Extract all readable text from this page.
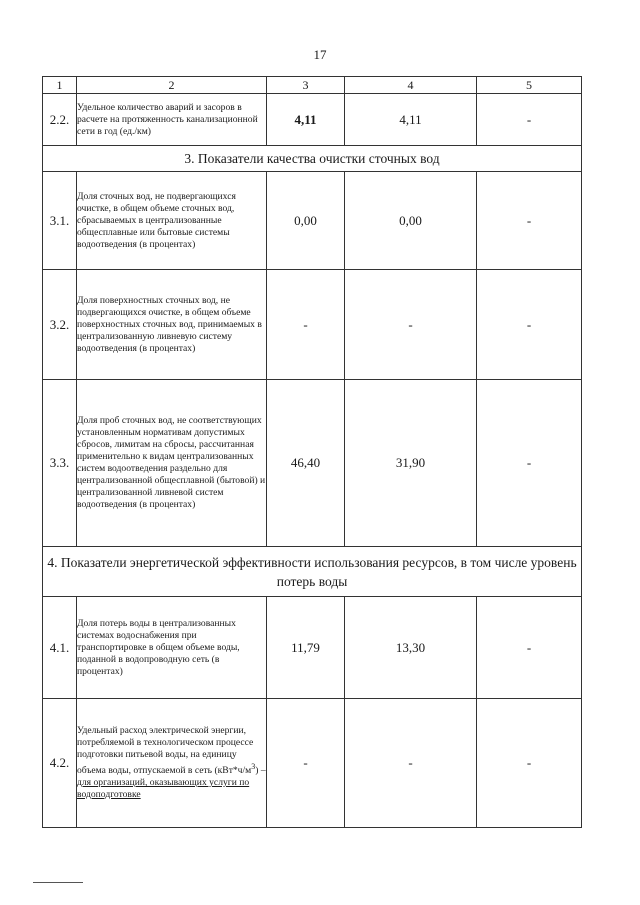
17
1	2	3	4	5
2.2.	Удельное количество аварий и засоров в расчете на протяженность канализационной сети в год (ед./км)	4,11	4,11	-
3. Показатели качества очистки сточных вод				
3.1.	Доля сточных вод, не подвергающихся очистке, в общем объеме сточных вод, сбрасываемых в централизованные общесплавные или бытовые системы водоотведения (в процентах)	0,00	0,00	-
3.2.	Доля поверхностных сточных вод, не подвергающихся очистке, в общем объеме поверхностных сточных вод, принимаемых в централизованную ливневую систему водоотведения (в процентах)	-	-	-
3.3.	Доля проб сточных вод, не соответствующих установленным нормативам допустимых сбросов, лимитам на сбросы, рассчитанная применительно к видам централизованных систем водоотведения раздельно для централизованной общесплавной (бытовой) и централизованной ливневой систем водоотведения (в процентах)	46,40	31,90	-
4. Показатели энергетической эффективности использования ресурсов, в том числе уровень потерь воды				
4.1.	Доля потерь воды в централизованных системах водоснабжения при транспортировке в общем объеме воды, поданной в водопроводную сеть (в процентах)	11,79	13,30	-
4.2.	Удельный расход электрической энергии, потребляемой в технологическом процессе подготовки питьевой воды, на единицу объема воды, отпускаемой в сеть $(кВт*ч/м^3)$ – для организаций, оказывающих услуги по водоподготовке	-	-	-
